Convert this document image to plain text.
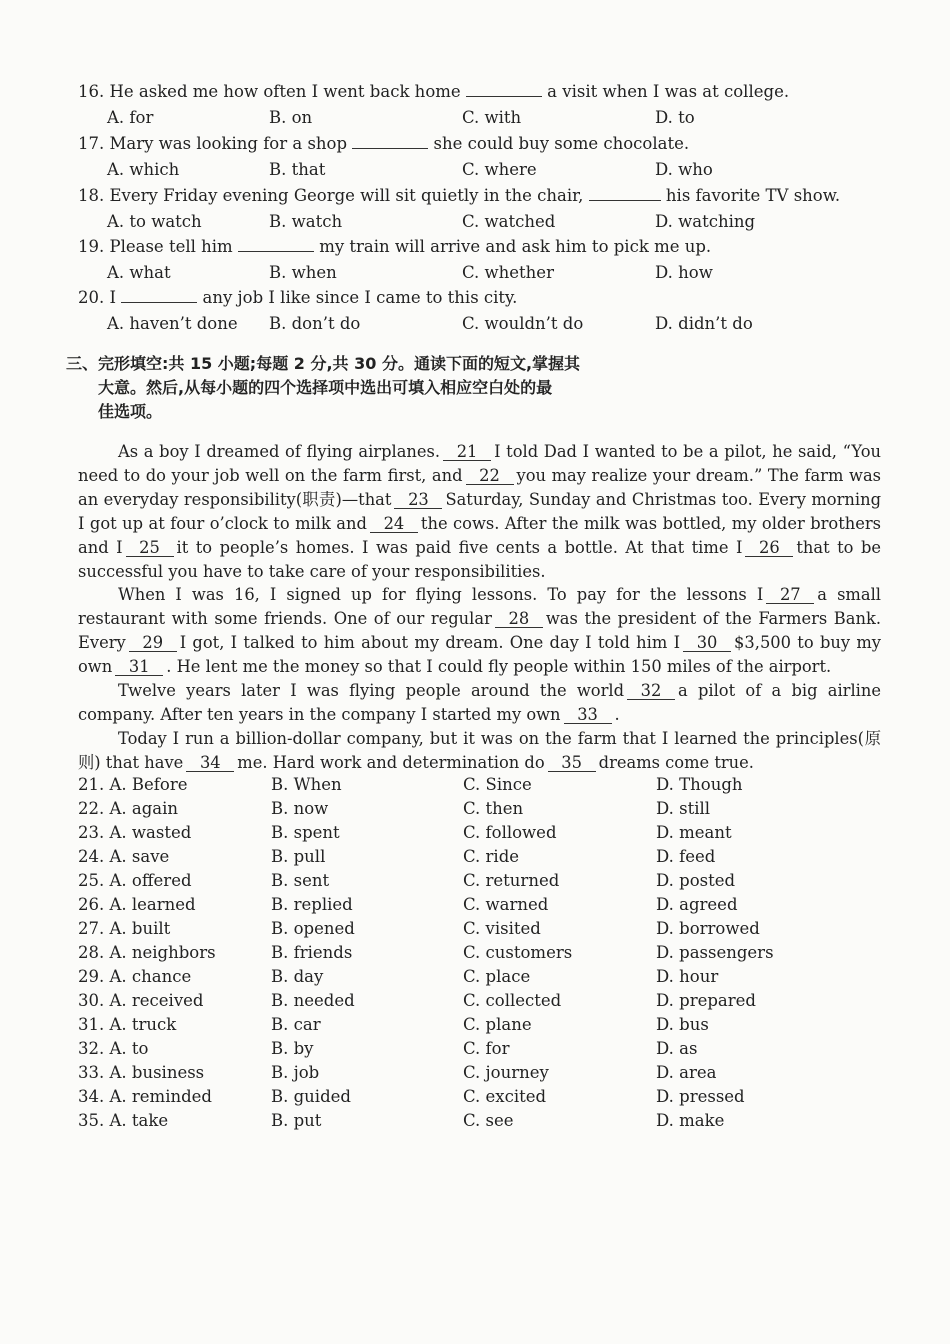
16. He asked me how often I went back home	a visit when I was at college.
A. for	B. on	C. with	D. to
17. Mary was looking for a shop	she could buy some chocolate.
A. which	B. that	C. where	D. who
18. Every Friday evening George will sit quietly in the chair,	his favorite TV show.
A. to watch	B. watch	C. watched	D. watching
19. Please tell him	my train will arrive and ask him to pick me up.
A. what	B. when	C. whether	D. how
20. I	any job I like since I came to this city.
A. haven’t done B. don’t do	C. wouldn’t do	D. didn’t do
三、完形填空:共 15 小题;每题 2 分,共 30 分。通读下面的短文,掌握其
大意。然后,从每小题的四个选择项中选出可填入相应空白处的最
佳选项。

As a boy I dreamed of flying airplanes. 21 I told Dad I wanted to be a pilot, he said, “You need to do your job well on the farm first, and 22 you may realize your dream.” The farm was an everyday responsibility(职责)—that 23 Saturday, Sunday and Christmas too. Every morning I got up at four o’clock to milk and 24 the cows. After the milk was bottled, my older brothers and I 25 it to people’s homes. I was paid five cents a bottle. At that time I 26 that to be successful you have to take care of your responsibilities.

When I was 16, I signed up for flying lessons. To pay for the lessons I 27 a small restaurant with some friends. One of our regular 28 was the president of the Farmers Bank. Every 29 I got, I talked to him about my dream. One day I told him I 30 $3,500 to buy my own 31 . He lent me the money so that I could fly people within 150 miles of the airport.

Twelve years later I was flying people around the world 32 a pilot of a big airline company. After ten years in the company I started my own 33 .

Today I run a billion-dollar company, but it was on the farm that I learned the principles(原则) that have 34 me. Hard work and determination do 35 dreams come true.

21. A. Before	B. When	C. Since	D. Though
22. A. again	B. now	C. then	D. still
23. A. wasted	B. spent	C. followed	D. meant
24. A. save	B. pull	C. ride	D. feed
25. A. offered	B. sent	C. returned	D. posted
26. A. learned	B. replied	C. warned	D. agreed
27. A. built	B. opened	C. visited	D. borrowed
28. A. neighbors	B. friends	C. customers	D. passengers
29. A. chance	B. day	C. place	D. hour
30. A. received	B. needed	C. collected	D. prepared
31. A. truck	B. car	C. plane	D. bus
32. A. to	B. by	C. for	D. as
33. A. business	B. job	C. journey	D. area
34. A. reminded	B. guided	C. excited	D. pressed
35. A. take	B. put	C. see	D. make
